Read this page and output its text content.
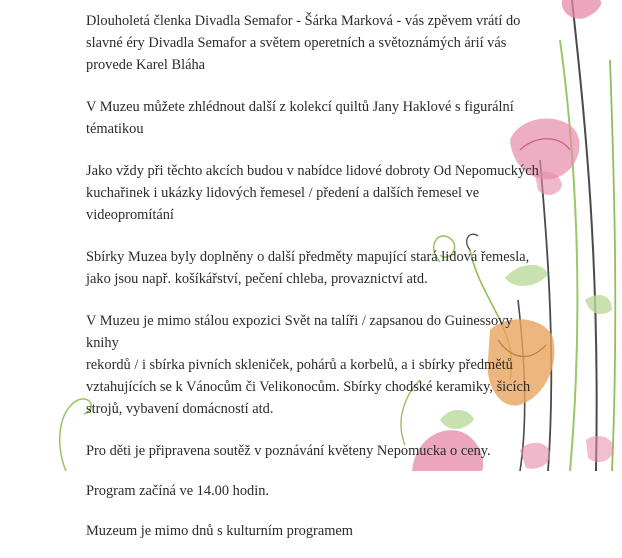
Dlouholetá členka Divadla Semafor - Šárka Marková - vás zpěvem vrátí do
slavné éry Divadla Semafor a světem operetních a světoznámých árií vás
provede Karel Bláha

V Muzeu můžete zhlédnout další z kolekcí quiltů Jany Haklové s figurální
tématikou

Jako vždy při těchto akcích budou v nabídce lidové dobroty Od Nepomuckých
kuchařinek i ukázky lidových řemesel / předení a dalších řemesel ve
videopromítání

Sbírky Muzea byly doplněny o další předměty mapující stará lidová řemesla,
jako jsou např. košíkářství, pečení chleba, provaznictví atd.

V Muzeu je mimo stálou expozici Svět na talíři / zapsanou do Guinessovy knihy
rekordů / i sbírka pivních skleniček, pohárů a korbelů, a i sbírky předmětů
vztahujících se k Vánocům či Velikonocům. Sbírky chodské keramiky, šicích
strojů, vybavení domácností atd.

Pro děti je připravena soutěž v poznávání květeny Nepomucka o ceny.

Program začíná ve 14.00 hodin.

Muzeum je mimo dnů s kulturním programem
